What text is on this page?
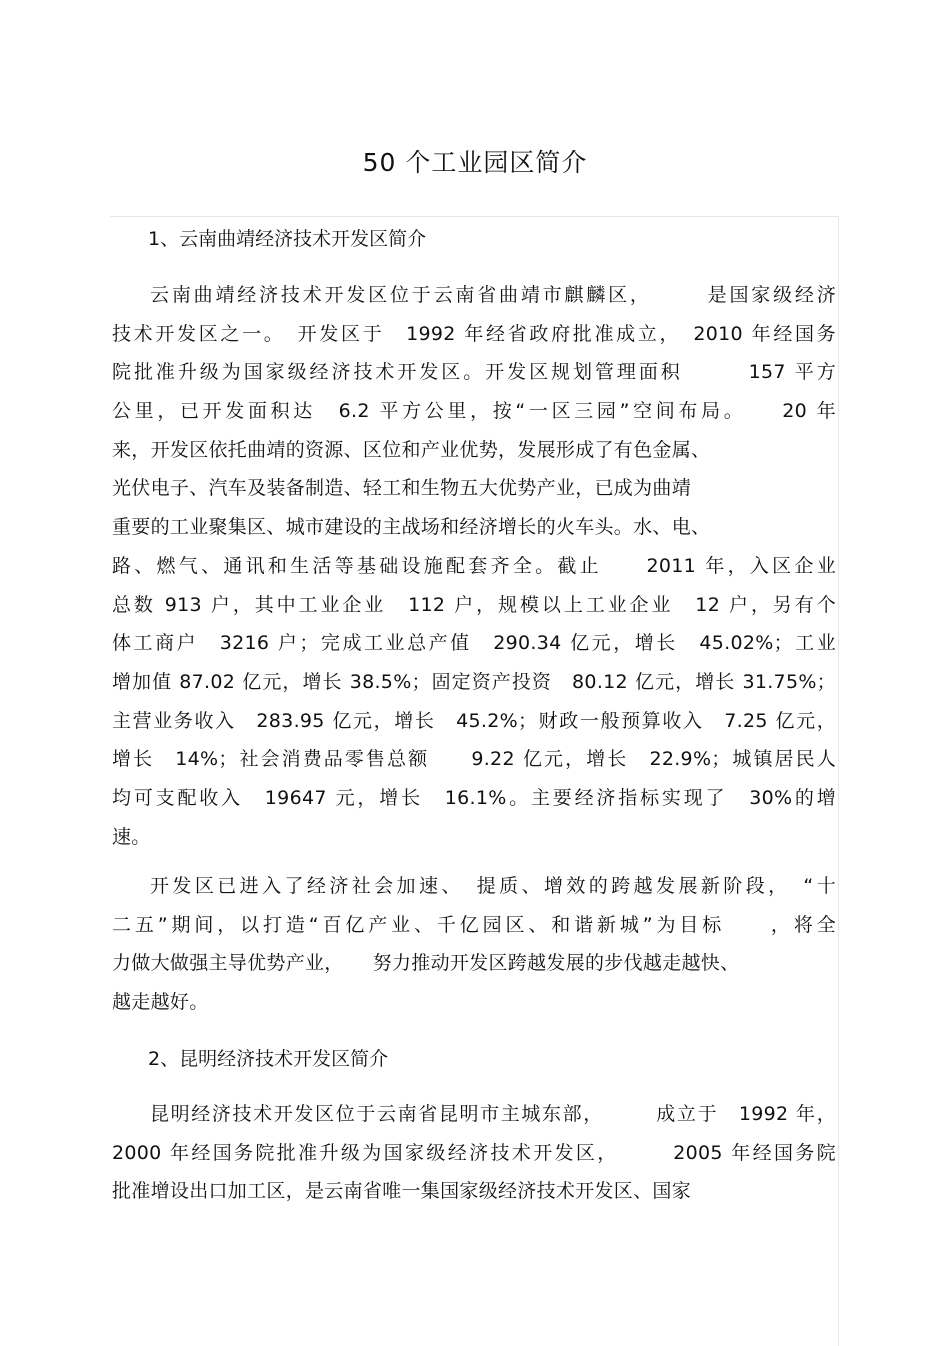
50 个工业园区简介
1、云南曲靖经济技术开发区简介
云南曲靖经济技术开发区位于云南省曲靖市麒麟区，　　　是国家级经济
技术开发区之一。　开发区于　1992 年经省政府批准成立，　2010 年经国务
院批准升级为国家级经济技术开发区。开发区规划管理面积　　　157 平方
公里，已开发面积达　6.2 平方公里，按“一区三园”空间布局。　　20 年
来，开发区依托曲靖的资源、区位和产业优势，发展形成了有色金属、
光伏电子、汽车及装备制造、轻工和生物五大优势产业，已成为曲靖
重要的工业聚集区、城市建设的主战场和经济增长的火车头。水、电、
路、燃气、通讯和生活等基础设施配套齐全。截止　　2011 年，入区企业
总数 913 户，其中工业企业　112 户，规模以上工业企业　12 户，另有个
体工商户　3216 户；完成工业总产值　290.34 亿元，增长　45.02%；工业
增加值 87.02 亿元，增长 38.5%；固定资产投资　80.12 亿元，增长 31.75%；
主营业务收入　283.95 亿元，增长　45.2%；财政一般预算收入　7.25 亿元，
增长　14%；社会消费品零售总额　　9.22 亿元，增长　22.9%；城镇居民人
均可支配收入　19647 元，增长　16.1%。主要经济指标实现了　30%的增
速。
开发区已进入了经济社会加速、　提质、增效的跨越发展新阶段，　“十
二五”期间，以打造“百亿产业、千亿园区、和谐新城”为目标　　，将全
力做大做强主导优势产业，　　努力推动开发区跨越发展的步伐越走越快、
越走越好。
2、昆明经济技术开发区简介
昆明经济技术开发区位于云南省昆明市主城东部，　　　成立于　1992 年，
2000 年经国务院批准升级为国家级经济技术开发区，　　　2005 年经国务院
批准增设出口加工区，是云南省唯一集国家级经济技术开发区、国家
